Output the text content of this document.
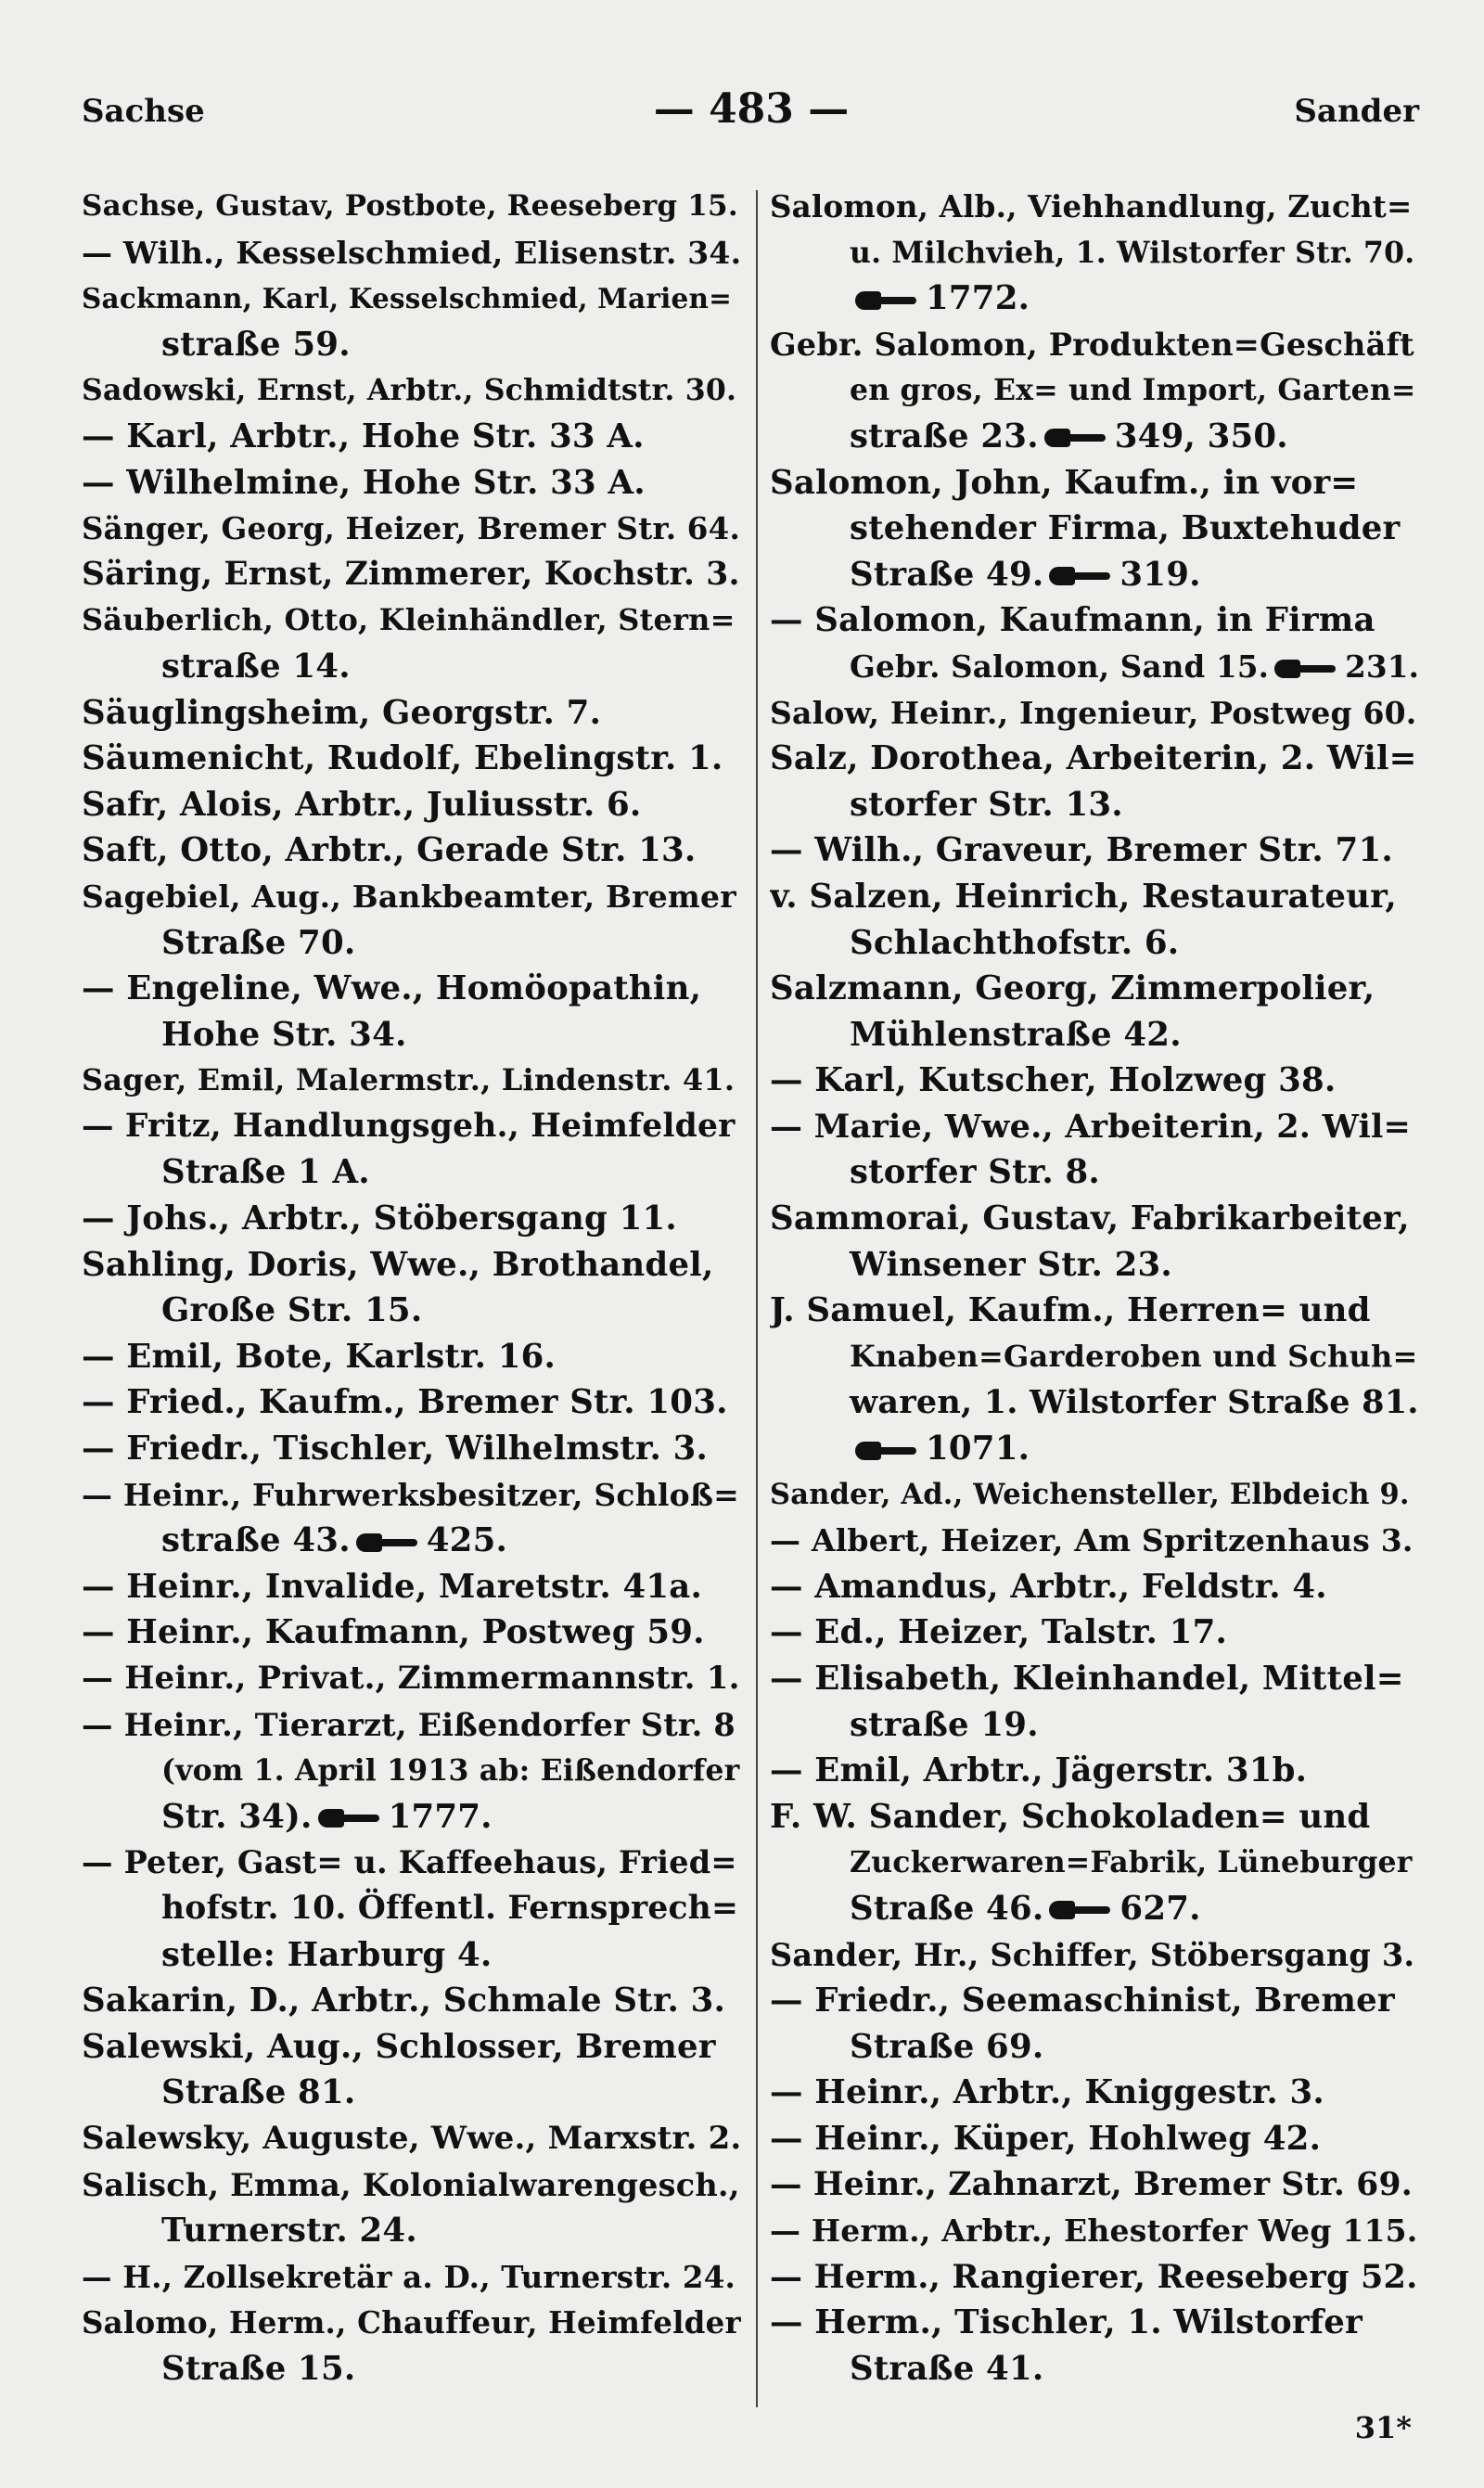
Sachse	— 483 —	Sander
Sachse, Gustav, Postbote, Reeseberg 15.
— Wilh., Kesselschmied, Elisenstr. 34.
Sackmann, Karl, Kesselschmied, Marien=
straße 59.
Sadowski, Ernst, Arbtr., Schmidtstr. 30.
— Karl, Arbtr., Hohe Str. 33 A.
— Wilhelmine, Hohe Str. 33 A.
Sänger, Georg, Heizer, Bremer Str. 64.
Säring, Ernst, Zimmerer, Kochstr. 3.
Säuberlich, Otto, Kleinhändler, Stern=
straße 14.
Säuglingsheim, Georgstr. 7.
Säumenicht, Rudolf, Ebelingstr. 1.
Safr, Alois, Arbtr., Juliusstr. 6.
Saft, Otto, Arbtr., Gerade Str. 13.
Sagebiel, Aug., Bankbeamter, Bremer
Straße 70.
— Engeline, Wwe., Homöopathin,
Hohe Str. 34.
Sager, Emil, Malermstr., Lindenstr. 41.
— Fritz, Handlungsgeh., Heimfelder
Straße 1 A.
— Johs., Arbtr., Stöbersgang 11.
Sahling, Doris, Wwe., Brothandel,
Große Str. 15.
— Emil, Bote, Karlstr. 16.
— Fried., Kaufm., Bremer Str. 103.
— Friedr., Tischler, Wilhelmstr. 3.
— Heinr., Fuhrwerksbesitzer, Schloß=
straße 43. 425.
— Heinr., Invalide, Maretstr. 41a.
— Heinr., Kaufmann, Postweg 59.
— Heinr., Privat., Zimmermannstr. 1.
— Heinr., Tierarzt, Eißendorfer Str. 8
(vom 1. April 1913 ab: Eißendorfer
Str. 34). 1777.
— Peter, Gast= u. Kaffeehaus, Fried=
hofstr. 10. Öffentl. Fernsprech=
stelle: Harburg 4.
Sakarin, D., Arbtr., Schmale Str. 3.
Salewski, Aug., Schlosser, Bremer
Straße 81.
Salewsky, Auguste, Wwe., Marxstr. 2.
Salisch, Emma, Kolonialwarengesch.,
Turnerstr. 24.
— H., Zollsekretär a. D., Turnerstr. 24.
Salomo, Herm., Chauffeur, Heimfelder
Straße 15.
Salomon, Alb., Viehhandlung, Zucht=
u. Milchvieh, 1. Wilstorfer Str. 70.
1772.
Gebr. Salomon, Produkten=Geschäft
en gros, Ex= und Import, Garten=
straße 23. 349, 350.
Salomon, John, Kaufm., in vor=
stehender Firma, Buxtehuder
Straße 49. 319.
— Salomon, Kaufmann, in Firma
Gebr. Salomon, Sand 15.	231.
Salow, Heinr., Ingenieur, Postweg 60.
Salz, Dorothea, Arbeiterin, 2. Wil=
storfer Str. 13.
— Wilh., Graveur, Bremer Str. 71.
v. Salzen, Heinrich, Restaurateur,
Schlachthofstr. 6.
Salzmann, Georg, Zimmerpolier,
Mühlenstraße 42.
— Karl, Kutscher, Holzweg 38.
— Marie, Wwe., Arbeiterin, 2. Wil=
storfer Str. 8.
Sammorai, Gustav, Fabrikarbeiter,
Winsener Str. 23.
J. Samuel, Kaufm., Herren= und
Knaben=Garderoben und Schuh=
waren, 1. Wilstorfer Straße 81.
1071.
Sander, Ad., Weichensteller, Elbdeich 9.
— Albert, Heizer, Am Spritzenhaus 3.
— Amandus, Arbtr., Feldstr. 4.
— Ed., Heizer, Talstr. 17.
— Elisabeth, Kleinhandel, Mittel=
straße 19.
— Emil, Arbtr., Jägerstr. 31b.
F. W. Sander, Schokoladen= und
Zuckerwaren=Fabrik, Lüneburger
Straße 46. 627.
Sander, Hr., Schiffer, Stöbersgang 3.
— Friedr., Seemaschinist, Bremer
Straße 69.
— Heinr., Arbtr., Kniggestr. 3.
— Heinr., Küper, Hohlweg 42.
— Heinr., Zahnarzt, Bremer Str. 69.
— Herm., Arbtr., Ehestorfer Weg 115.
— Herm., Rangierer, Reeseberg 52.
— Herm., Tischler, 1. Wilstorfer
Straße 41.
31*
